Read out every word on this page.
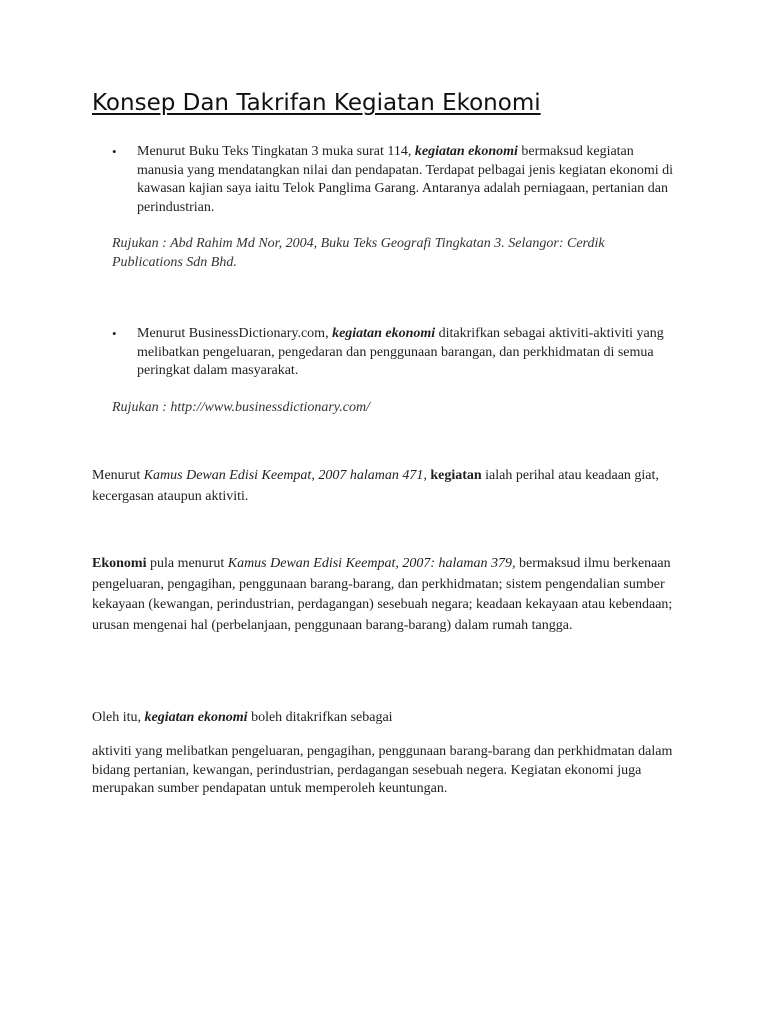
Konsep Dan Takrifan Kegiatan Ekonomi
• Menurut Buku Teks Tingkatan 3 muka surat 114, kegiatan ekonomi bermaksud kegiatan manusia yang mendatangkan nilai dan pendapatan. Terdapat pelbagai jenis kegiatan ekonomi di kawasan kajian saya iaitu Telok Panglima Garang. Antaranya adalah perniagaan, pertanian dan perindustrian.
Rujukan : Abd Rahim Md Nor, 2004, Buku Teks Geografi Tingkatan 3. Selangor: Cerdik Publications Sdn Bhd.
• Menurut BusinessDictionary.com, kegiatan ekonomi ditakrifkan sebagai aktiviti-aktiviti yang melibatkan pengeluaran, pengedaran dan penggunaan barangan, dan perkhidmatan di semua peringkat dalam masyarakat.
Rujukan : http://www.businessdictionary.com/
Menurut Kamus Dewan Edisi Keempat, 2007 halaman 471, kegiatan ialah perihal atau keadaan giat, kecergasan ataupun aktiviti.
Ekonomi pula menurut Kamus Dewan Edisi Keempat, 2007: halaman 379, bermaksud ilmu berkenaan pengeluaran, pengagihan, penggunaan barang-barang, dan perkhidmatan; sistem pengendalian sumber kekayaan (kewangan, perindustrian, perdagangan) sesebuah negara; keadaan kekayaan atau kebendaan; urusan mengenai hal (perbelanjaan, penggunaan barang-barang) dalam rumah tangga.
Oleh itu, kegiatan ekonomi boleh ditakrifkan sebagai
aktiviti yang melibatkan pengeluaran, pengagihan, penggunaan barang-barang dan perkhidmatan dalam bidang pertanian, kewangan, perindustrian, perdagangan sesebuah negera. Kegiatan ekonomi juga merupakan sumber pendapatan untuk memperoleh keuntungan.
